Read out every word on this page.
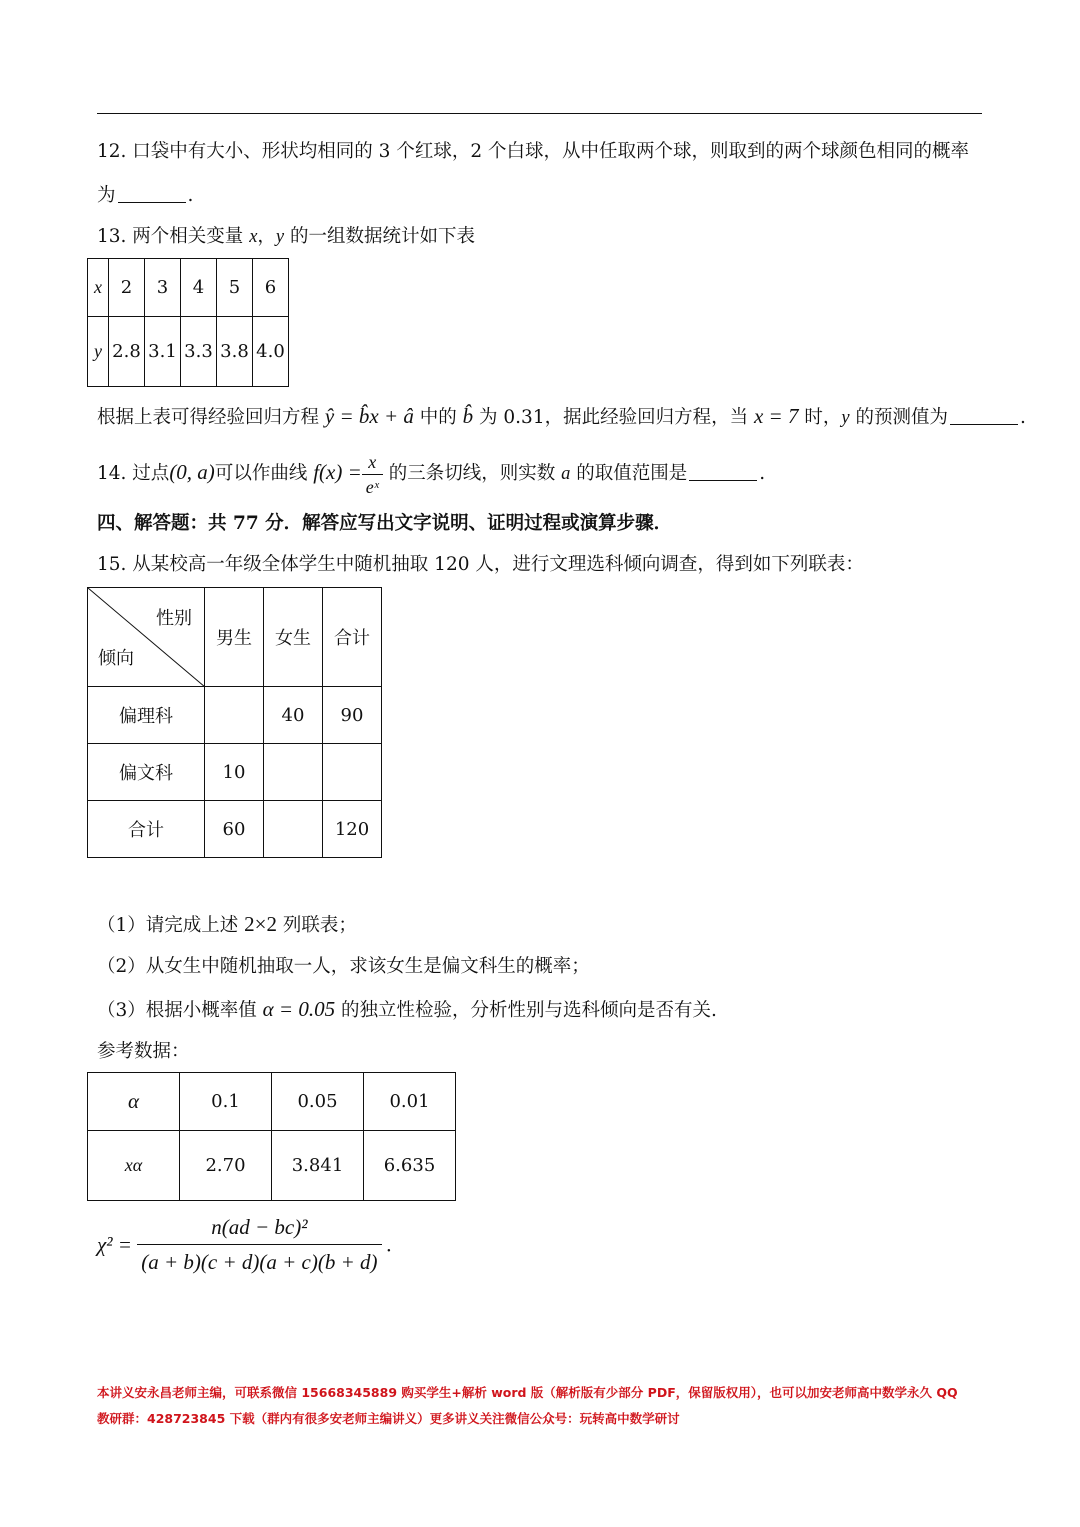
12. 口袋中有大小、形状均相同的 3 个红球，2 个白球，从中任取两个球，则取到的两个球颜色相同的概率
为	.
13. 两个相关变量 x，y 的一组数据统计如下表
x	2	3	4	5	6
y	2.8	3.1	3.3	3.8	4.0
根据上表可得经验回归方程 ŷ = b̂x + â 中的 b̂ 为 0.31，据此经验回归方程，当 x = 7 时，y 的预测值为	.
14. 过点(0, a)可以作曲线 $f(x) = \frac{x}{\text{eˣ}}$ 的三条切线，则实数 a 的取值范围是	.
四、解答题：共 77 分．解答应写出文字说明、证明过程或演算步骤．
15. 从某校高一年级全体学生中随机抽取 120 人，进行文理选科倾向调查，得到如下列联表：
性别
倾向	男生	女生	合计
偏理科		40	90
偏文科	10		
合计	60		120
（1）请完成上述 2×2 列联表；
（2）从女生中随机抽取一人，求该女生是偏文科生的概率；
（3）根据小概率值 α = 0.05 的独立性检验，分析性别与选科倾向是否有关.
参考数据：
α	0.1	0.05	0.01
xα	2.70	3.841	6.635
$\chi^2 = \frac{\text{n(ad − bc)²}}{(a + b)(c + d)(a + c)(b + d)}$ .
本讲义安永昌老师主编，可联系微信 15668345889 购买学生+解析 word 版（解析版有少部分 PDF，保留版权用），也可以加安老师高中数学永久 QQ
教研群：428723845 下载（群内有很多安老师主编讲义）更多讲义关注微信公众号：玩转高中数学研讨
